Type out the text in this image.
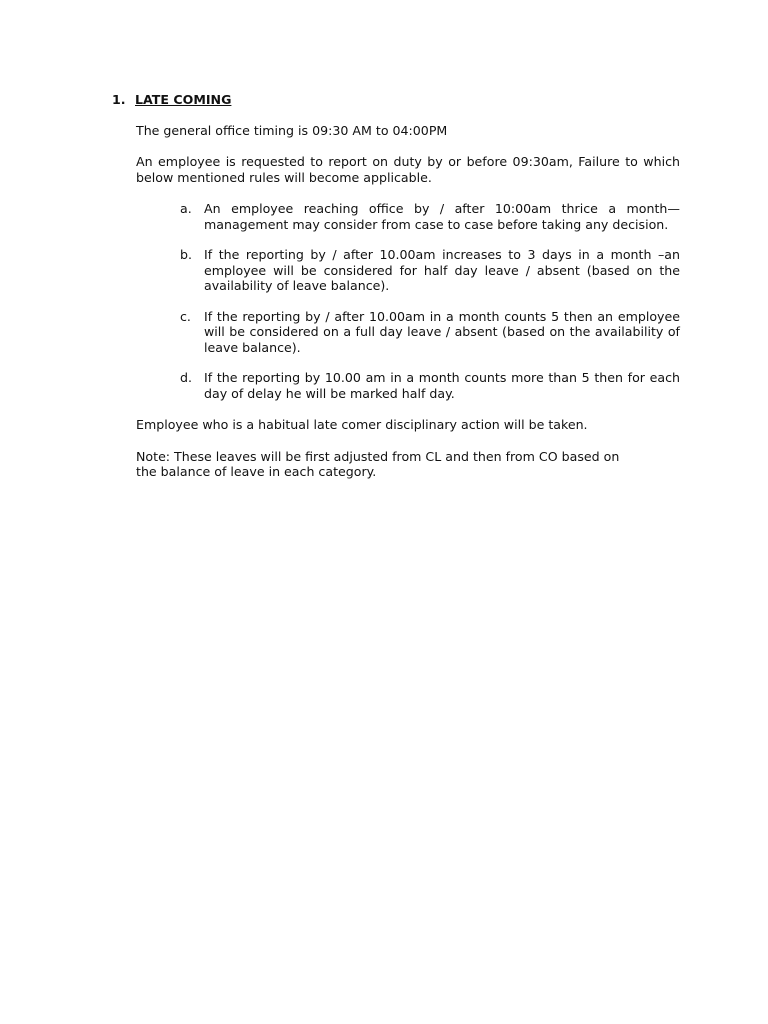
1. LATE COMING

The general office timing is 09:30 AM to 04:00PM

An employee is requested to report on duty by or before 09:30am, Failure to which below mentioned rules will become applicable.

a. An employee reaching office by / after 10:00am thrice a month— management may consider from case to case before taking any decision.
b. If the reporting by / after 10.00am increases to 3 days in a month –an employee will be considered for half day leave / absent (based on the availability of leave balance).
c.	If the reporting by / after 10.00am in a month counts 5 then an employee will be considered on a full day leave / absent (based on the availability of leave balance).
d. If the reporting by 10.00 am in a month counts more than 5 then for each day of delay he will be marked half day.

Employee who is a habitual late comer disciplinary action will be taken.

Note: These leaves will be first adjusted from CL and then from CO based on the balance of leave in each category.
